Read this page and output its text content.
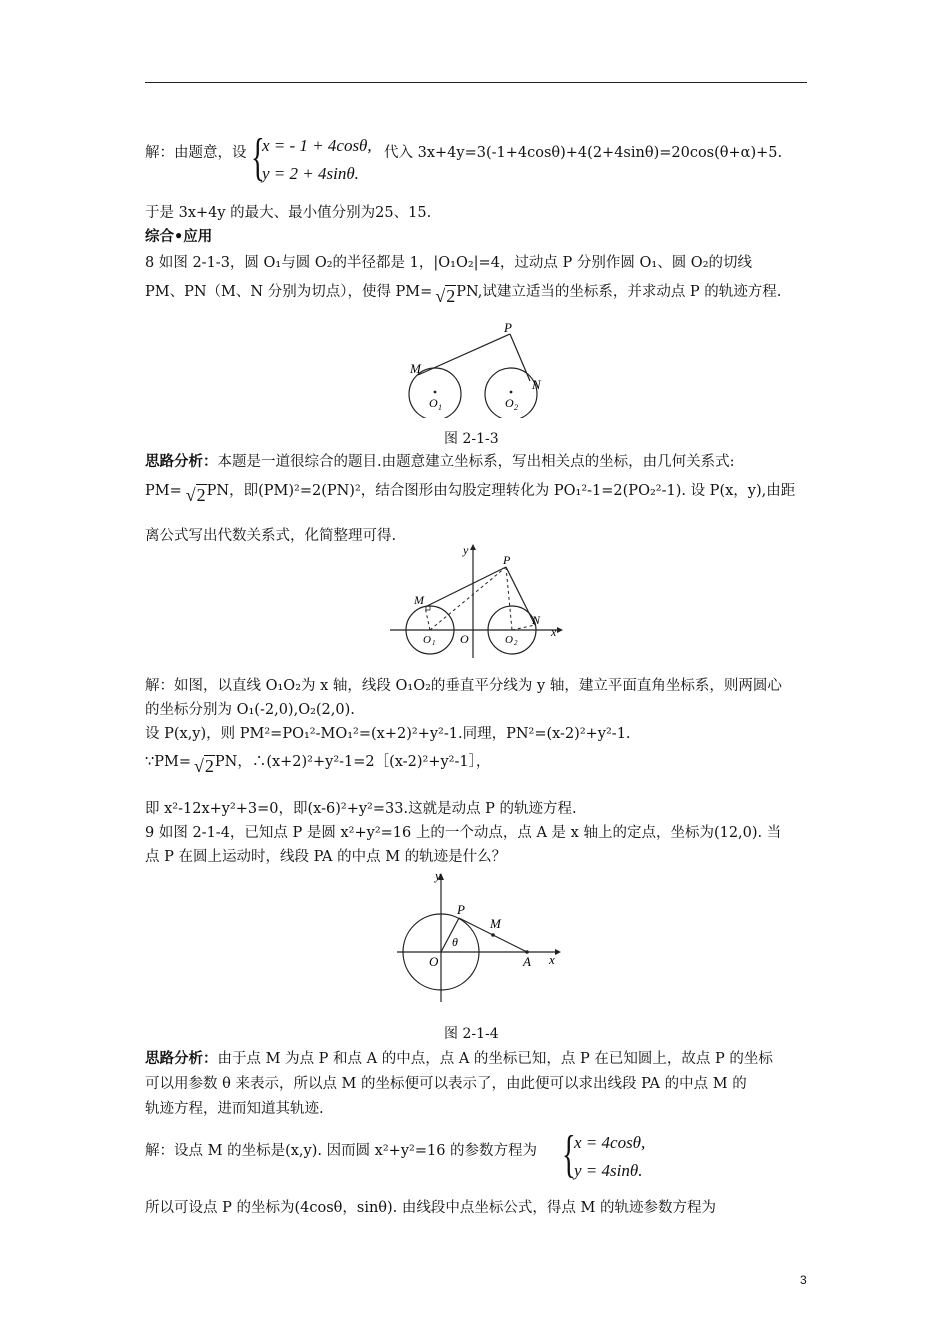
解：由题意，设 {
x = - 1 + 4cosθ,
y = 2 + 4sinθ.
代入 3x+4y=3(-1+4cosθ)+4(2+4sinθ)=20cos(θ+α)+5.
于是 3x+4y 的最大、最小值分别为25、15.
综合•应用
8 如图 2-1-3，圆 O₁与圆 O₂的半径都是 1，|O₁O₂|=4，过动点 P 分别作圆 O₁、圆 O₂的切线
PM、PN（M、N 分别为切点），使得 PM= √2PN,试建立适当的坐标系，并求动点 P 的轨迹方程.
P
M
N
O 1	O 2
图 2-1-3
思路分析：本题是一道很综合的题目.由题意建立坐标系，写出相关点的坐标，由几何关系式:
PM= √2PN，即(PM)²=2(PN)²，结合图形由勾股定理转化为 PO₁²-1=2(PO₂²-1). 设 P(x，y),由距
离公式写出代数关系式，化简整理可得.
y
x
P
M
N
O
O 1	O 2
解：如图，以直线 O₁O₂为 x 轴，线段 O₁O₂的垂直平分线为 y 轴，建立平面直角坐标系，则两圆心
的坐标分别为 O₁(-2,0),O₂(2,0).
设 P(x,y)，则 PM²=PO₁²-MO₁²=(x+2)²+y²-1.同理，PN²=(x-2)²+y²-1.
∵PM= √2PN，∴(x+2)²+y²-1=2［(x-2)²+y²-1］，
即 x²-12x+y²+3=0，即(x-6)²+y²=33.这就是动点 P 的轨迹方程.
9 如图 2-1-4，已知点 P 是圆 x²+y²=16 上的一个动点，点 A 是 x 轴上的定点，坐标为(12,0). 当
点 P 在圆上运动时，线段 PA 的中点 M 的轨迹是什么？
y
x
P
M
A
O
θ
图 2-1-4
思路分析：由于点 M 为点 P 和点 A 的中点，点 A 的坐标已知，点 P 在已知圆上，故点 P 的坐标
可以用参数 θ 来表示，所以点 M 的坐标便可以表示了，由此便可以求出线段 PA 的中点 M 的
轨迹方程，进而知道其轨迹.
解：设点 M 的坐标是(x,y). 因而圆 x²+y²=16 的参数方程为 {
x = 4cosθ,
y = 4sinθ.
所以可设点 P 的坐标为(4cosθ，sinθ). 由线段中点坐标公式，得点 M 的轨迹参数方程为
3
